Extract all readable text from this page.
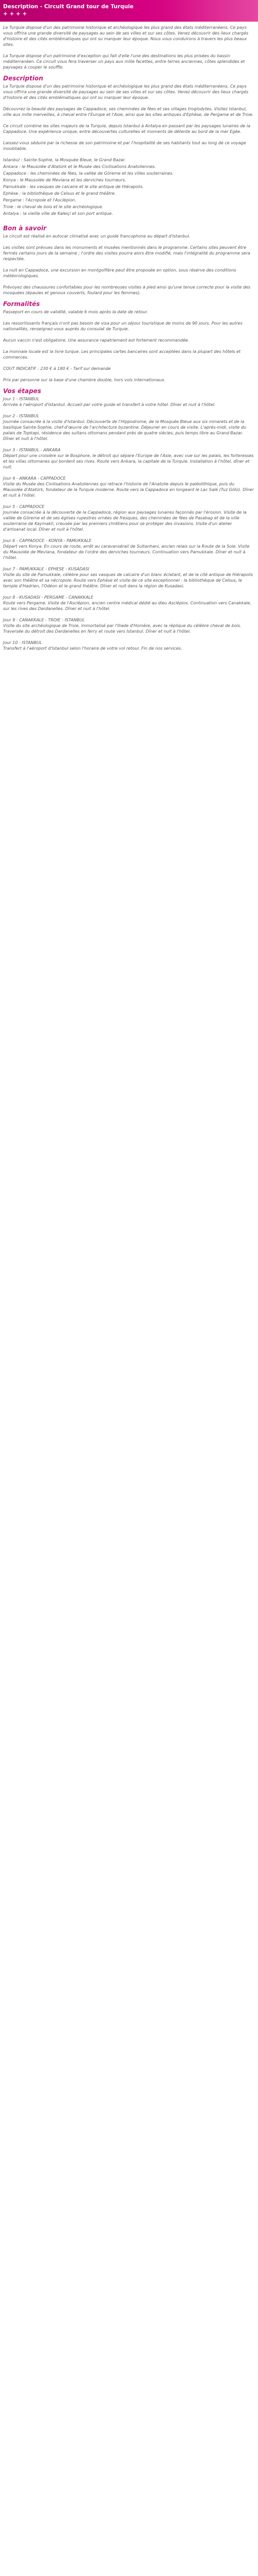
Description - Circuit Grand tour de Turquie
+ + + +

Le Turquie dispose d'un des patrimoine historique et archéologique les plus grand des états méditerranéens. Ce pays vous offrira une grande diversité de paysages au sein de ses villes et sur ses côtes. Venez découvrir des lieux chargés d'histoire et des cités emblématiques qui ont su marquer leur époque. Nous vous conduirons à travers les plus beaux sites.

La Turquie dispose d'un patrimoine d'exception qui fait d'elle l'une des destinations les plus prisées du bassin méditerranéen. Ce circuit vous fera traverser un pays aux mille facettes, entre terres anciennes, côtes splendides et paysages à couper le souffle.

Description

La Turquie dispose d'un des patrimoine historique et archéologique les plus grand des états méditerranéens. Ce pays vous offrira une grande diversité de paysages au sein de ses villes et sur ses côtes. Venez découvrir des lieux chargés d'histoire et des cités emblématiques qui ont su marquer leur époque.

Découvrez la beauté des paysages de Cappadoce, ses cheminées de fées et ses villages troglodytes. Visitez Istanbul, ville aux mille merveilles, à cheval entre l'Europe et l'Asie, ainsi que les sites antiques d'Ephèse, de Pergame et de Troie.

Ce circuit combine les sites majeurs de la Turquie, depuis Istanbul à Antalya en passant par les paysages lunaires de la Cappadoce. Une expérience unique, entre découvertes culturelles et moments de détente au bord de la mer Egée.

Laissez-vous séduire par la richesse de son patrimoine et par l'hospitalité de ses habitants tout au long de ce voyage inoubliable.

Istanbul : Sainte-Sophie, la Mosquée Bleue, le Grand Bazar.

Ankara : le Mausolée d'Atatürk et le Musée des Civilisations Anatoliennes.

Cappadoce : les cheminées de fées, la vallée de Göreme et les villes souterraines.

Konya : le Mausolée de Mevlana et les derviches tourneurs.

Pamukkale : les vasques de calcaire et le site antique de Hiérapolis.

Ephèse : la bibliothèque de Celsus et le grand théâtre.

Pergame : l'Acropole et l'Asclépion.

Troie : le cheval de bois et le site archéologique.

Antalya : la vieille ville de Kaleiçi et son port antique.

Bon à savoir

Le circuit est réalisé en autocar climatisé avec un guide francophone au départ d'Istanbul.

Les visites sont prévues dans les monuments et musées mentionnés dans le programme. Certains sites peuvent être fermés certains jours de la semaine ; l'ordre des visites pourra alors être modifié, mais l'intégralité du programme sera respectée.

La nuit en Cappadoce, une excursion en montgolfière peut être proposée en option, sous réserve des conditions météorologiques.

Prévoyez des chaussures confortables pour les nombreuses visites à pied ainsi qu'une tenue correcte pour la visite des mosquées (épaules et genoux couverts, foulard pour les femmes).

Formalités

Passeport en cours de validité, valable 6 mois après la date de retour.

Les ressortissants français n'ont pas besoin de visa pour un séjour touristique de moins de 90 jours. Pour les autres nationalités, renseignez-vous auprès du consulat de Turquie.

Aucun vaccin n'est obligatoire. Une assurance rapatriement est fortement recommandée.

La monnaie locale est la livre turque. Les principales cartes bancaires sont acceptées dans la plupart des hôtels et commerces.

COUT INDICATIF : 230 € à 180 € - Tarif sur demande

Prix par personne sur la base d'une chambre double, hors vols internationaux.

Vos étapes
Jour 1 - ISTANBUL
Arrivée à l'aéroport d'Istanbul. Accueil par votre guide et transfert à votre hôtel. Dîner et nuit à l'hôtel.
Jour 2 - ISTANBUL
Journée consacrée à la visite d'Istanbul. Découverte de l'Hippodrome, de la Mosquée Bleue aux six minarets et de la basilique Sainte-Sophie, chef-d'œuvre de l'architecture byzantine. Déjeuner en cours de visite. L'après-midi, visite du palais de Topkapi, résidence des sultans ottomans pendant près de quatre siècles, puis temps libre au Grand Bazar. Dîner et nuit à l'hôtel.
Jour 3 - ISTANBUL - ANKARA
Départ pour une croisière sur le Bosphore, le détroit qui sépare l'Europe de l'Asie, avec vue sur les palais, les forteresses et les villas ottomanes qui bordent ses rives. Route vers Ankara, la capitale de la Turquie. Installation à l'hôtel, dîner et nuit.
Jour 4 - ANKARA - CAPPADOCE
Visite du Musée des Civilisations Anatoliennes qui retrace l'histoire de l'Anatolie depuis le paléolithique, puis du Mausolée d'Atatürk, fondateur de la Turquie moderne. Route vers la Cappadoce en longeant le Lac Salé (Tuz Gölü). Dîner et nuit à l'hôtel.
Jour 5 - CAPPADOCE
Journée consacrée à la découverte de la Cappadoce, région aux paysages lunaires façonnés par l'érosion. Visite de la vallée de Göreme et de ses églises rupestres ornées de fresques, des cheminées de fées de Pasabag et de la ville souterraine de Kaymakli, creusée par les premiers chrétiens pour se protéger des invasions. Visite d'un atelier d'artisanat local. Dîner et nuit à l'hôtel.
Jour 6 - CAPPADOCE - KONYA - PAMUKKALE
Départ vers Konya. En cours de route, arrêt au caravansérail de Sultanhani, ancien relais sur la Route de la Soie. Visite du Mausolée de Mevlana, fondateur de l'ordre des derviches tourneurs. Continuation vers Pamukkale. Dîner et nuit à l'hôtel.
Jour 7 - PAMUKKALE - EPHESE - KUSADASI
Visite du site de Pamukkale, célèbre pour ses vasques de calcaire d'un blanc éclatant, et de la cité antique de Hiérapolis avec son théâtre et sa nécropole. Route vers Ephèse et visite de ce site exceptionnel : la bibliothèque de Celsus, le temple d'Hadrien, l'Odéon et le grand théâtre. Dîner et nuit dans la région de Kusadasi.
Jour 8 - KUSADASI - PERGAME - CANAKKALE
Route vers Pergame. Visite de l'Asclépion, ancien centre médical dédié au dieu Asclépios. Continuation vers Canakkale, sur les rives des Dardanelles. Dîner et nuit à l'hôtel.
Jour 9 - CANAKKALE - TROIE - ISTANBUL
Visite du site archéologique de Troie, immortalisé par l'Iliade d'Homère, avec la réplique du célèbre cheval de bois. Traversée du détroit des Dardanelles en ferry et route vers Istanbul. Dîner et nuit à l'hôtel.
Jour 10 - ISTANBUL
Transfert à l'aéroport d'Istanbul selon l'horaire de votre vol retour. Fin de nos services.
